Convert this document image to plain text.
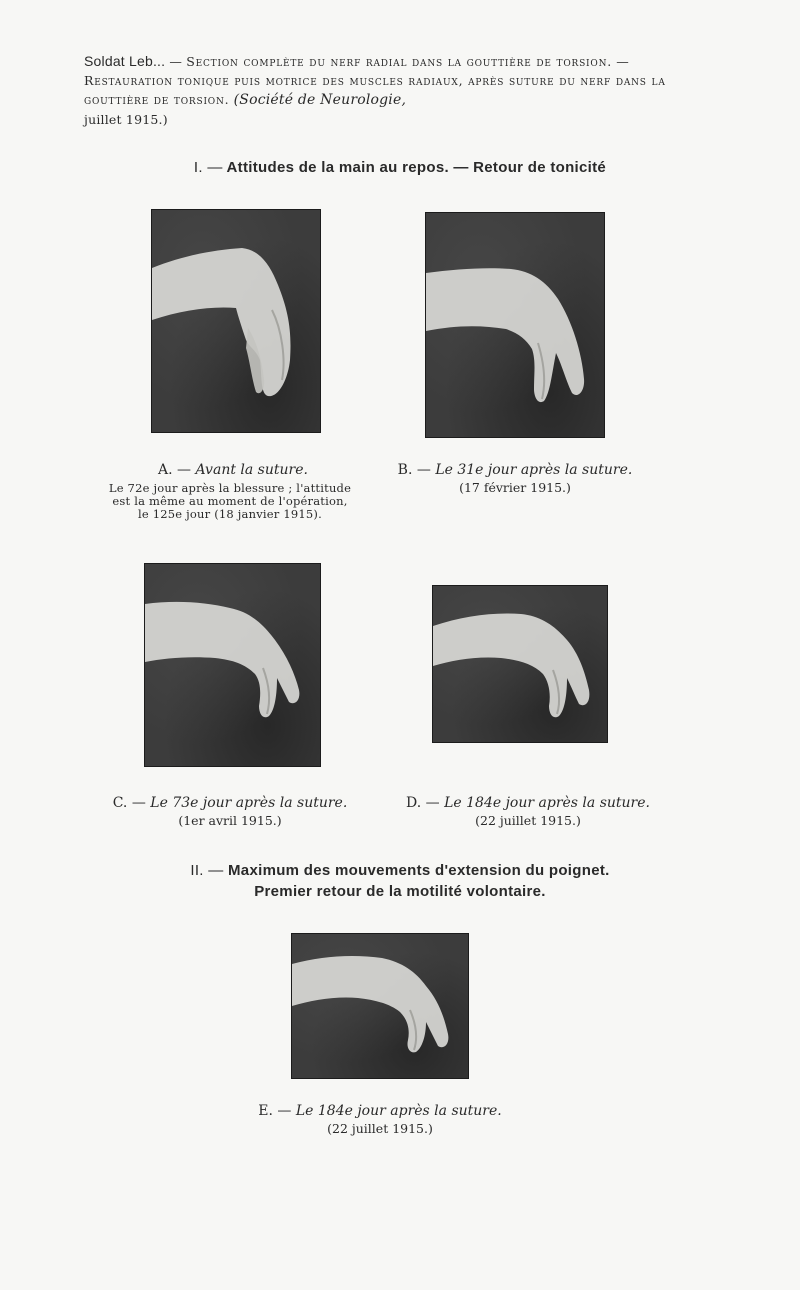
Soldat Leb... — Section complète du nerf radial dans la gouttière de torsion. — Restauration tonique puis motrice des muscles radiaux, après suture du nerf dans la gouttière de torsion. (Société de Neurologie,
juillet 1915.)
I. — Attitudes de la main au repos. — Retour de tonicité
A. — Avant la suture.
Le 72e jour après la blessure ; l'attitude
est la même au moment de l'opération,
le 125e jour (18 janvier 1915).
B. — Le 31e jour après la suture.
(17 février 1915.)
C. — Le 73e jour après la suture.
(1er avril 1915.)
D. — Le 184e jour après la suture.
(22 juillet 1915.)
II. — Maximum des mouvements d'extension du poignet.
Premier retour de la motilité volontaire.
E. — Le 184e jour après la suture.
(22 juillet 1915.)
